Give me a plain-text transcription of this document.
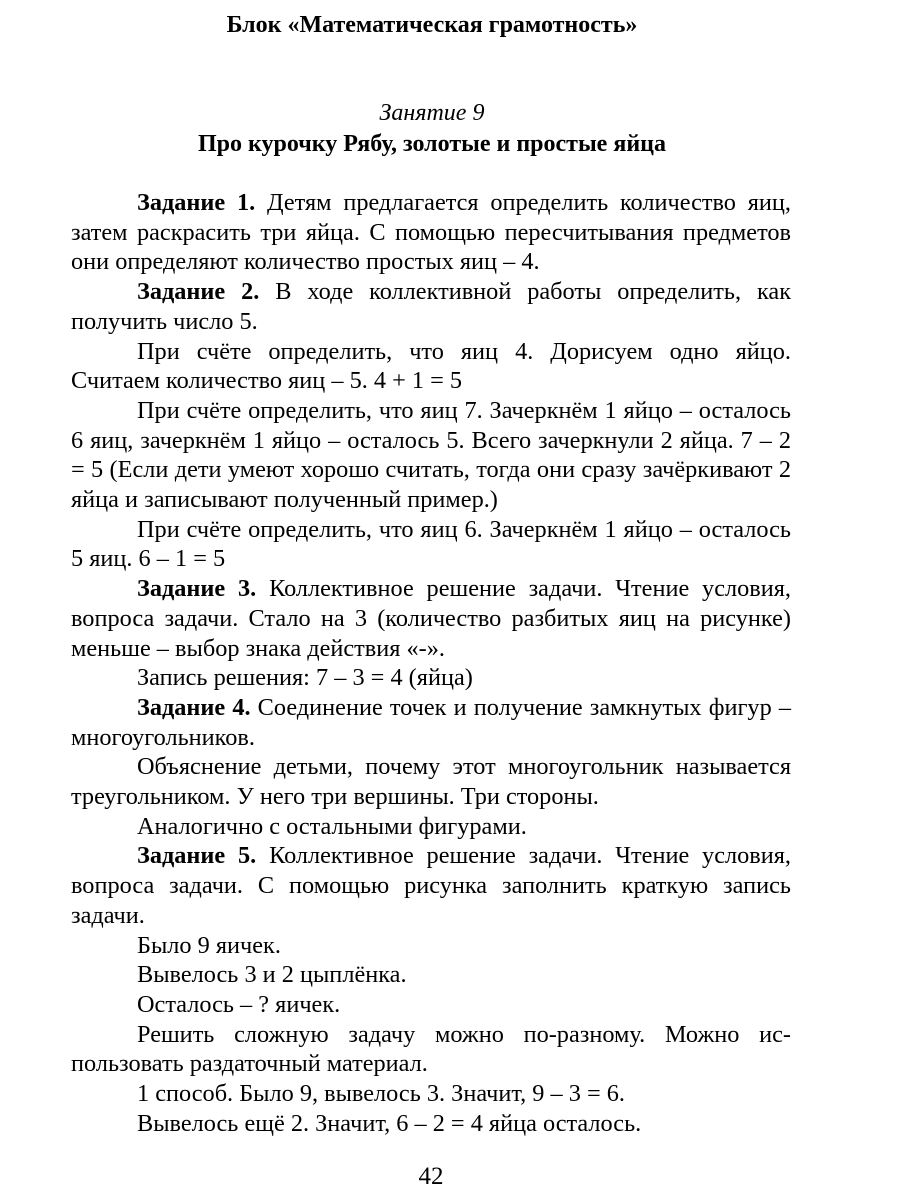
Блок «Математическая грамотность»
Занятие 9
Про курочку Рябу, золотые и простые яйца

Задание 1. Детям предлагается определить количество яиц, затем раскрасить три яйца. С помощью пересчитывания предметов они определяют количество простых яиц – 4.

Задание 2. В ходе коллективной работы определить, как получить число 5.

При счёте определить, что яиц 4. Дорисуем одно яйцо. Считаем количество яиц – 5. 4 + 1 = 5

При счёте определить, что яиц 7. Зачеркнём 1 яйцо – осталось 6 яиц, зачеркнём 1 яйцо – осталось 5. Всего зачеркнули 2 яйца. 7 – 2 = 5 (Если дети умеют хорошо считать, тогда они сразу зачёркивают 2 яйца и записывают полученный пример.)

При счёте определить, что яиц 6. Зачеркнём 1 яйцо – осталось 5 яиц. 6 – 1 = 5

Задание 3. Коллективное решение задачи. Чтение условия, вопроса задачи. Стало на 3 (количество разбитых яиц на рисунке) меньше – выбор знака действия «-».

Запись решения: 7 – 3 = 4 (яйца)

Задание 4. Соединение точек и получение замкнутых фигур – многоугольников.

Объяснение детьми, почему этот многоугольник называется треугольником. У него три вершины. Три стороны.

Аналогично с остальными фигурами.

Задание 5. Коллективное решение задачи. Чтение условия, вопроса задачи. С помощью рисунка заполнить краткую запись задачи.

Было 9 яичек.

Вывелось 3 и 2 цыплёнка.

Осталось – ? яичек.

Решить сложную задачу можно по-разному. Можно использовать раздаточный материал.

1 способ. Было 9, вывелось 3. Значит, 9 – 3 = 6.

Вывелось ещё 2. Значит, 6 – 2 = 4 яйца осталось.

42
